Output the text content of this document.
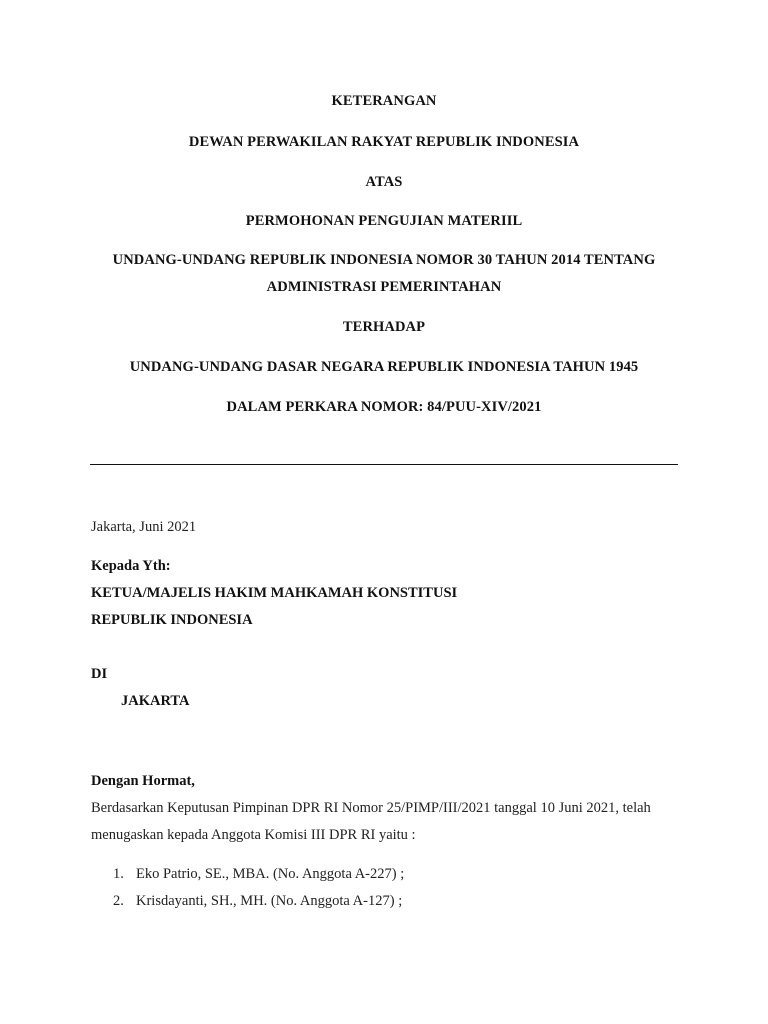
KETERANGAN
DEWAN PERWAKILAN RAKYAT REPUBLIK INDONESIA
ATAS
PERMOHONAN PENGUJIAN MATERIIL
UNDANG-UNDANG REPUBLIK INDONESIA NOMOR 30 TAHUN 2014 TENTANG
ADMINISTRASI PEMERINTAHAN
TERHADAP
UNDANG-UNDANG DASAR NEGARA REPUBLIK INDONESIA TAHUN 1945
DALAM PERKARA NOMOR: 84/PUU-XIV/2021
Jakarta, Juni 2021
Kepada Yth:
KETUA/MAJELIS HAKIM MAHKAMAH KONSTITUSI
REPUBLIK INDONESIA
DI
JAKARTA
Dengan Hormat,
Berdasarkan Keputusan Pimpinan DPR RI Nomor 25/PIMP/III/2021 tanggal 10 Juni 2021, telah
menugaskan kepada Anggota Komisi III DPR RI yaitu :
1. Eko Patrio, SE., MBA. (No. Anggota A-227) ;
2. Krisdayanti, SH., MH. (No. Anggota A-127) ;
